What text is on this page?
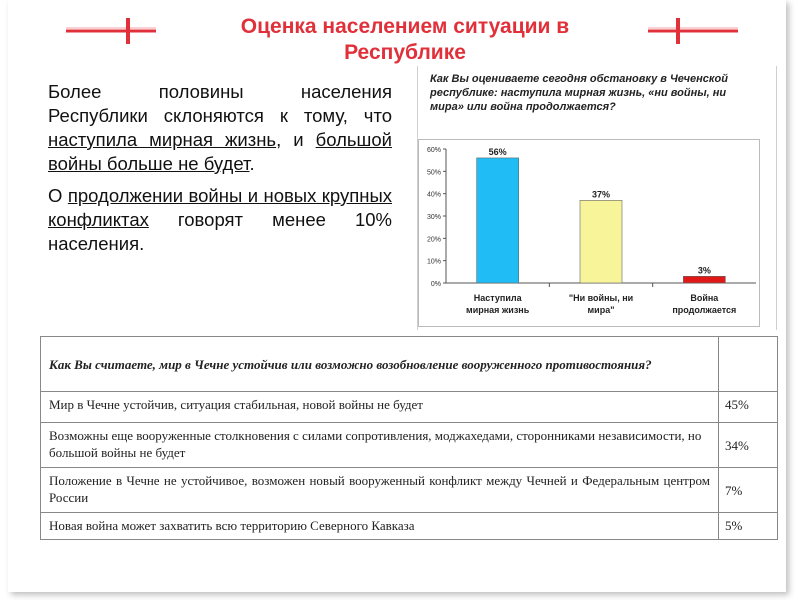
Оценка населением ситуации в Республике

Более половины населения Республики склоняются к тому, что наступила мирная жизнь, и большой войны больше не будет.

О продолжении войны и новых крупных конфликтах говорят менее 10% населения.

Как Вы оцениваете сегодня обстановку в Чеченской республике: наступила мирная жизнь, «ни войны, ни мира» или война продолжается?
0%
10%
20%
30%
40%
50%
60%	56%
Наступила
мирная жизнь
37%
"Ни войны, ни
мира"
3%
Война
продолжается
Как Вы считаете, мир в Чечне устойчив или возможно возобновление вооруженного противостояния?	
Мир в Чечне устойчив, ситуация стабильная, новой войны не будет	45%
Возможны еще вооруженные столкновения с силами сопротивления, моджахедами, сторонниками независимости, но большой войны не будет	34%
Положение в Чечне не устойчивое, возможен новый вооруженный конфликт между Чечней и Федеральным центром России	7%
Новая война может захватить всю территорию Северного Кавказа	5%
